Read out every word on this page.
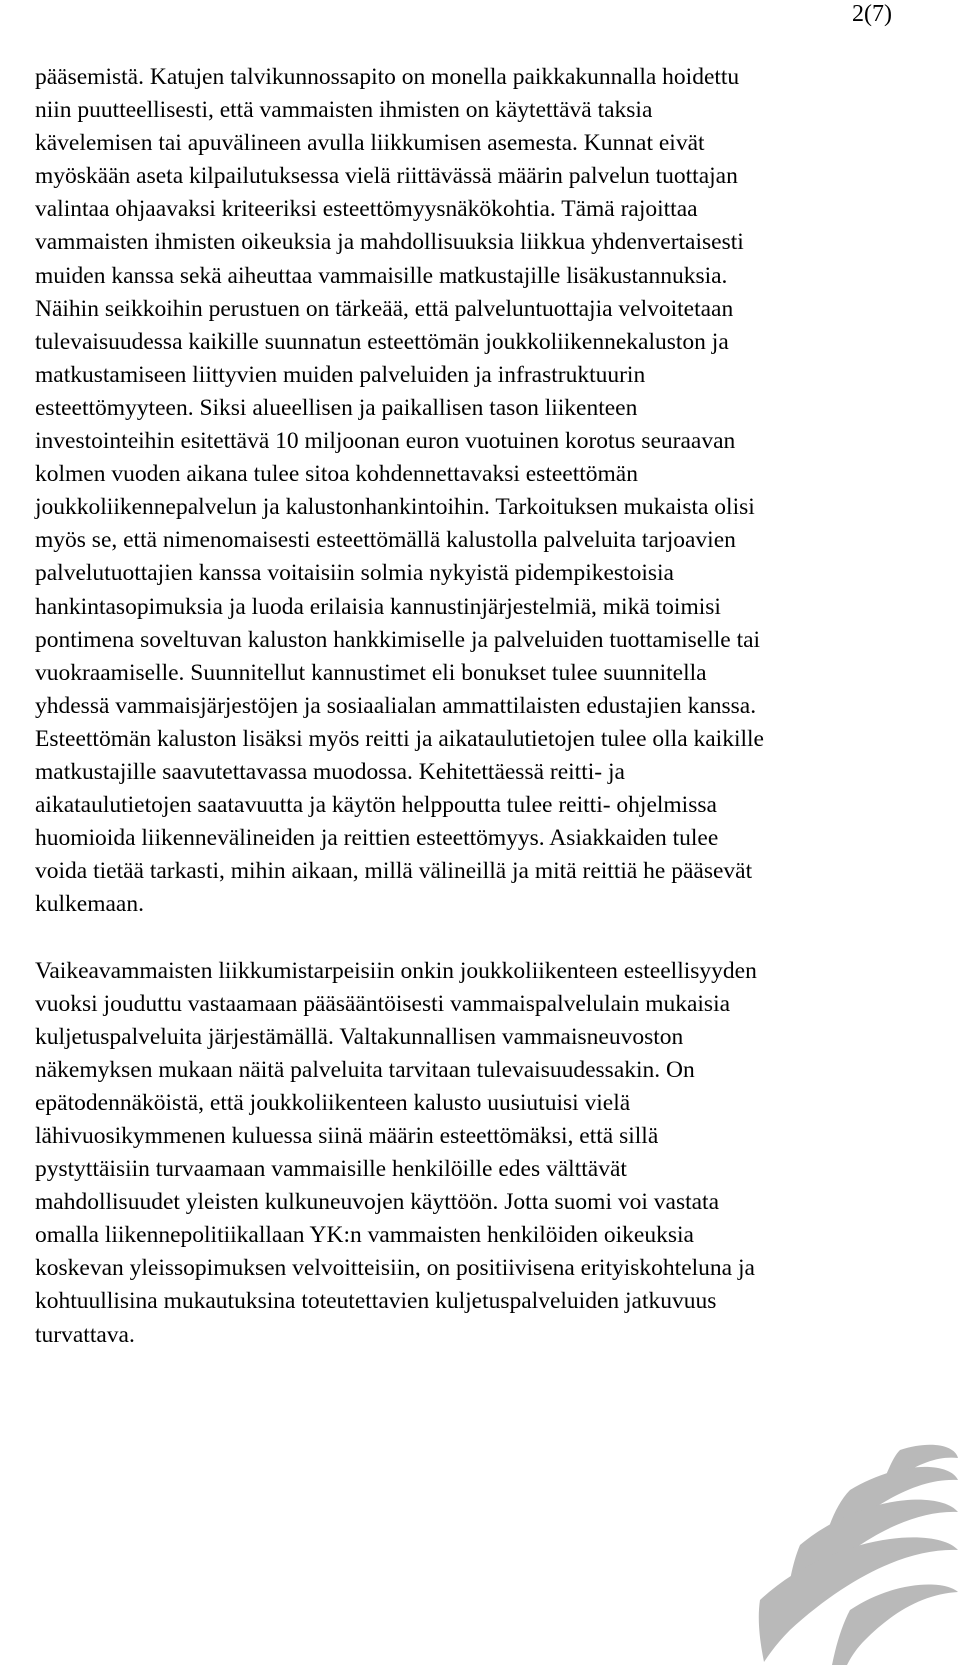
2(7)

pääsemistä. Katujen talvikunnossapito on monella paikkakunnalla hoidettu
niin puutteellisesti, että vammaisten ihmisten on käytettävä taksia
kävelemisen tai apuvälineen avulla liikkumisen asemesta. Kunnat eivät
myöskään aseta kilpailutuksessa vielä riittävässä määrin palvelun tuottajan
valintaa ohjaavaksi kriteeriksi esteettömyysnäkökohtia. Tämä rajoittaa
vammaisten ihmisten oikeuksia ja mahdollisuuksia liikkua yhdenvertaisesti
muiden kanssa sekä aiheuttaa vammaisille matkustajille lisäkustannuksia.
Näihin seikkoihin perustuen on tärkeää, että palveluntuottajia velvoitetaan
tulevaisuudessa kaikille suunnatun esteettömän joukkoliikennekaluston ja
matkustamiseen liittyvien muiden palveluiden ja infrastruktuurin
esteettömyyteen. Siksi alueellisen ja paikallisen tason liikenteen
investointeihin esitettävä 10 miljoonan euron vuotuinen korotus seuraavan
kolmen vuoden aikana tulee sitoa kohdennettavaksi esteettömän
joukkoliikennepalvelun ja kalustonhankintoihin. Tarkoituksen mukaista olisi
myös se, että nimenomaisesti esteettömällä kalustolla palveluita tarjoavien
palvelutuottajien kanssa voitaisiin solmia nykyistä pidempikestoisia
hankintasopimuksia ja luoda erilaisia kannustinjärjestelmiä, mikä toimisi
pontimena soveltuvan kaluston hankkimiselle ja palveluiden tuottamiselle tai
vuokraamiselle. Suunnitellut kannustimet eli bonukset tulee suunnitella
yhdessä vammaisjärjestöjen ja sosiaalialan ammattilaisten edustajien kanssa.
Esteettömän kaluston lisäksi myös reitti ja aikataulutietojen tulee olla kaikille
matkustajille saavutettavassa muodossa. Kehitettäessä reitti- ja
aikataulutietojen saatavuutta ja käytön helppoutta tulee reitti- ohjelmissa
huomioida liikennevälineiden ja reittien esteettömyys. Asiakkaiden tulee
voida tietää tarkasti, mihin aikaan, millä välineillä ja mitä reittiä he pääsevät
kulkemaan.

Vaikeavammaisten liikkumistarpeisiin onkin joukkoliikenteen esteellisyyden
vuoksi jouduttu vastaamaan pääsääntöisesti vammaispalvelulain mukaisia
kuljetuspalveluita järjestämällä. Valtakunnallisen vammaisneuvoston
näkemyksen mukaan näitä palveluita tarvitaan tulevaisuudessakin. On
epätodennäköistä, että joukkoliikenteen kalusto uusiutuisi vielä
lähivuosikymmenen kuluessa siinä määrin esteettömäksi, että sillä
pystyttäisiin turvaamaan vammaisille henkilöille edes välttävät
mahdollisuudet yleisten kulkuneuvojen käyttöön. Jotta suomi voi vastata
omalla liikennepolitiikallaan YK:n vammaisten henkilöiden oikeuksia
koskevan yleissopimuksen velvoitteisiin, on positiivisena erityiskohteluna ja
kohtuullisina mukautuksina toteutettavien kuljetuspalveluiden jatkuvuus
turvattava.
